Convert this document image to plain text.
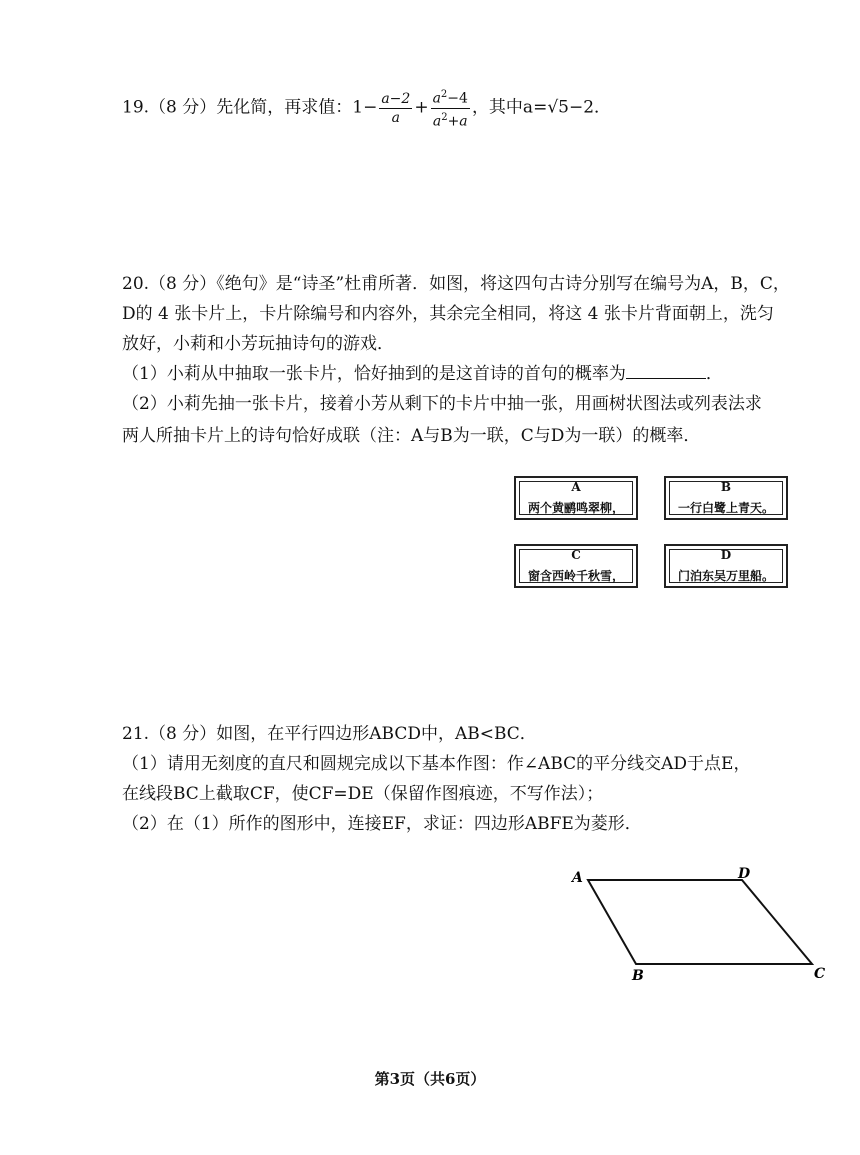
19.（8 分）先化简，再求值：$1- \frac{a-2}{a} + \frac{a^2-4}{a^2+a}$ ，其中a=√5−2．
20.（8 分）《绝句》是“诗圣”杜甫所著．如图，将这四句古诗分别写在编号为A，B，C，
D的 4 张卡片上，卡片除编号和内容外，其余完全相同，将这 4 张卡片背面朝上，洗匀
放好，小莉和小芳玩抽诗句的游戏．
（1）小莉从中抽取一张卡片，恰好抽到的是这首诗的首句的概率为	．
（2）小莉先抽一张卡片，接着小芳从剩下的卡片中抽一张，用画树状图法或列表法求
两人所抽卡片上的诗句恰好成联（注：A与B为一联，C与D为一联）的概率．
A
两个黄鹂鸣翠柳，
B
一行白鹭上青天。
C
窗含西岭千秋雪，
D
门泊东吴万里船。
21.（8 分）如图，在平行四边形ABCD中，AB<BC．
（1）请用无刻度的直尺和圆规完成以下基本作图：作∠ABC的平分线交AD于点E，
在线段BC上截取CF，使CF=DE（保留作图痕迹，不写作法）；
（2）在（1）所作的图形中，连接EF，求证：四边形ABFE为菱形．
A	D
B	C
第3页（共6页）
